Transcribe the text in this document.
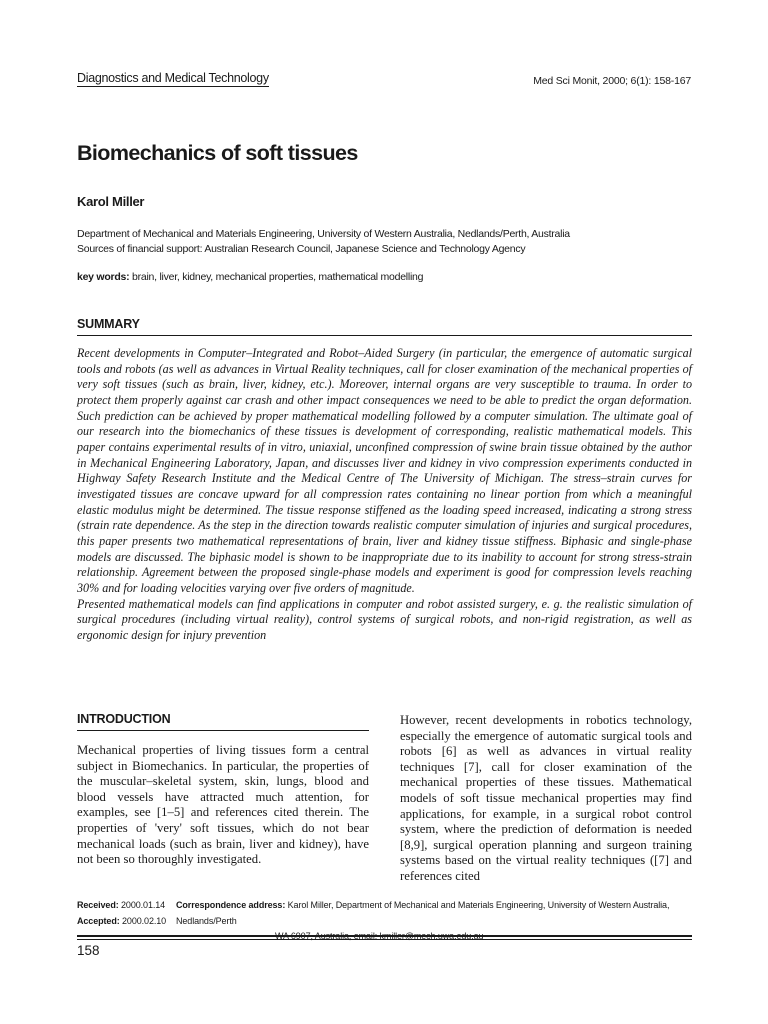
Diagnostics and Medical Technology	Med Sci Monit, 2000; 6(1): 158-167
Biomechanics of soft tissues
Karol Miller
Department of Mechanical and Materials Engineering, University of Western Australia, Nedlands/Perth, Australia
Sources of financial support: Australian Research Council, Japanese Science and Technology Agency
key words: brain, liver, kidney, mechanical properties, mathematical modelling
SUMMARY

Recent developments in Computer–Integrated and Robot–Aided Surgery (in particular, the emergence of automatic surgical tools and robots (as well as advances in Virtual Reality techniques, call for closer examination of the mechanical properties of very soft tissues (such as brain, liver, kidney, etc.). Moreover, internal organs are very susceptible to trauma. In order to protect them properly against car crash and other impact consequences we need to be able to predict the organ deformation. Such prediction can be achieved by proper mathematical modelling followed by a computer simulation. The ultimate goal of our research into the biomechanics of these tissues is development of corresponding, realistic mathematical models. This paper contains experimental results of in vitro, uniaxial, unconfined compression of swine brain tissue obtained by the author in Mechanical Engineering Laboratory, Japan, and discusses liver and kidney in vivo compression experiments conducted in Highway Safety Research Institute and the Medical Centre of The University of Michigan. The stress–strain curves for investigated tissues are concave upward for all compression rates containing no linear portion from which a meaningful elastic modulus might be determined. The tissue response stiffened as the loading speed increased, indicating a strong stress (strain rate dependence. As the step in the direction towards realistic computer simulation of injuries and surgical procedures, this paper presents two mathematical representations of brain, liver and kidney tissue stiffness. Biphasic and single-phase models are discussed. The biphasic model is shown to be inappropriate due to its inability to account for strong stress-strain relationship. Agreement between the proposed single-phase models and experiment is good for compression levels reaching 30% and for loading velocities varying over five orders of magnitude.

Presented mathematical models can find applications in computer and robot assisted surgery, e. g. the realistic simulation of surgical procedures (including virtual reality), control systems of surgical robots, and non-rigid registration, as well as ergonomic design for injury prevention

INTRODUCTION
Mechanical properties of living tissues form a central subject in Biomechanics. In particular, the properties of the muscular–skeletal system, skin, lungs, blood and blood vessels have attracted much attention, for examples, see [1–5] and references cited therein. The properties of 'very' soft tissues, which do not bear mechanical loads (such as brain, liver and kidney), have not been so thoroughly investigated.
However, recent developments in robotics technology, especially the emergence of automatic surgical tools and robots [6] as well as advances in virtual reality techniques [7], call for closer examination of the mechanical properties of these tissues. Mathematical models of soft tissue mechanical properties may find applications, for example, in a surgical robot control system, where the prediction of deformation is needed [8,9], surgical operation planning and surgeon training systems based on the virtual reality techniques ([7] and references cited
Received: 2000.01.14
Accepted: 2000.02.10
Correspondence address: Karol Miller, Department of Mechanical and Materials Engineering, University of Western Australia, Nedlands/Perth
WA 6907, Australia, email: kmiller@mech.uwa.edu.au
158
